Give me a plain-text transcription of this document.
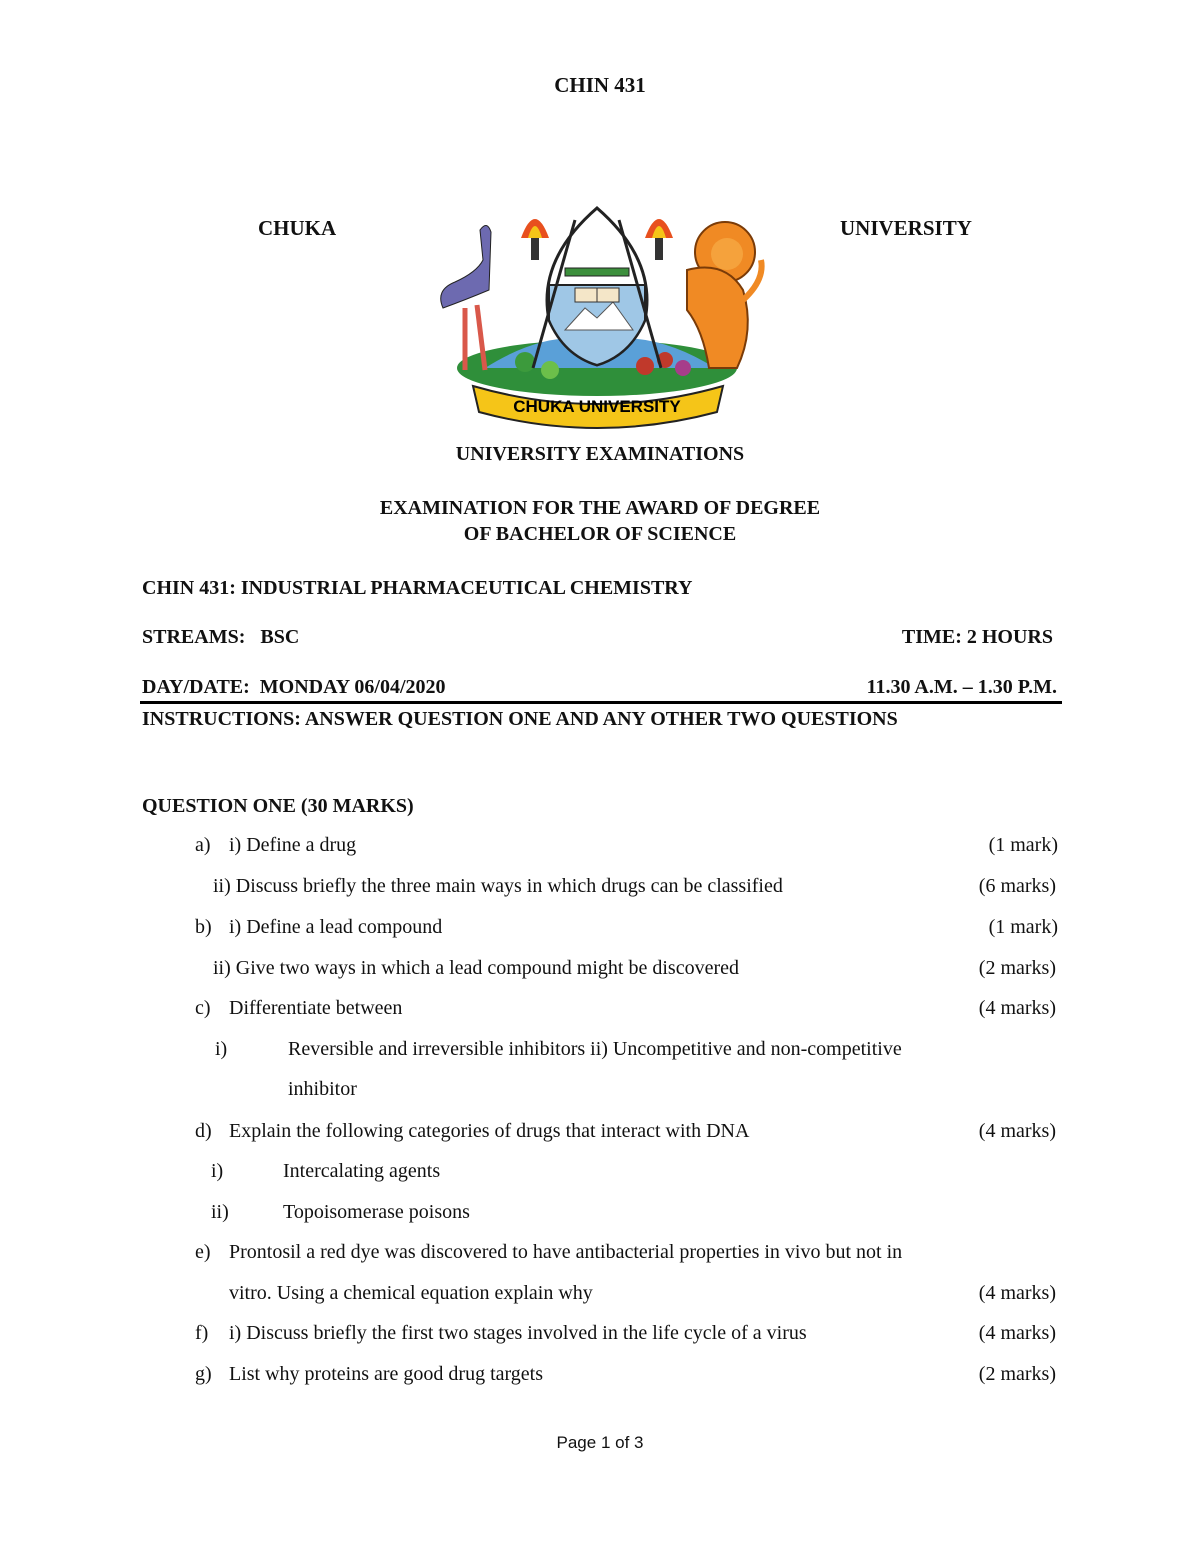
CHIN 431
CHUKA	UNIVERSITY
CHUKA UNIVERSITY
UNIVERSITY EXAMINATIONS
EXAMINATION FOR THE AWARD OF DEGREE
OF BACHELOR OF SCIENCE
CHIN 431: INDUSTRIAL PHARMACEUTICAL CHEMISTRY
STREAMS:   BSC	TIME: 2 HOURS
DAY/DATE:  MONDAY 06/04/2020	11.30 A.M. – 1.30 P.M.
INSTRUCTIONS: ANSWER QUESTION ONE AND ANY OTHER TWO QUESTIONS
QUESTION ONE (30 MARKS)
a) i) Define a drug	(1 mark)
ii) Discuss briefly the three main ways in which drugs can be classified	(6 marks)
b) i) Define a lead compound	(1 mark)
ii) Give two ways in which a lead compound might be discovered	(2 marks)
c) Differentiate between	(4 marks)
i)	Reversible and irreversible inhibitors ii) Uncompetitive and non-competitive
inhibitor
d) Explain the following categories of drugs that interact with DNA	(4 marks)
i)	Intercalating agents
ii)	Topoisomerase poisons
e) Prontosil a red dye was discovered to have antibacterial properties in vivo but not in
vitro. Using a chemical equation explain why	(4 marks)
f) i) Discuss briefly the first two stages involved in the life cycle of a virus	(4 marks)
g) List why proteins are good drug targets	(2 marks)
Page 1 of 3
